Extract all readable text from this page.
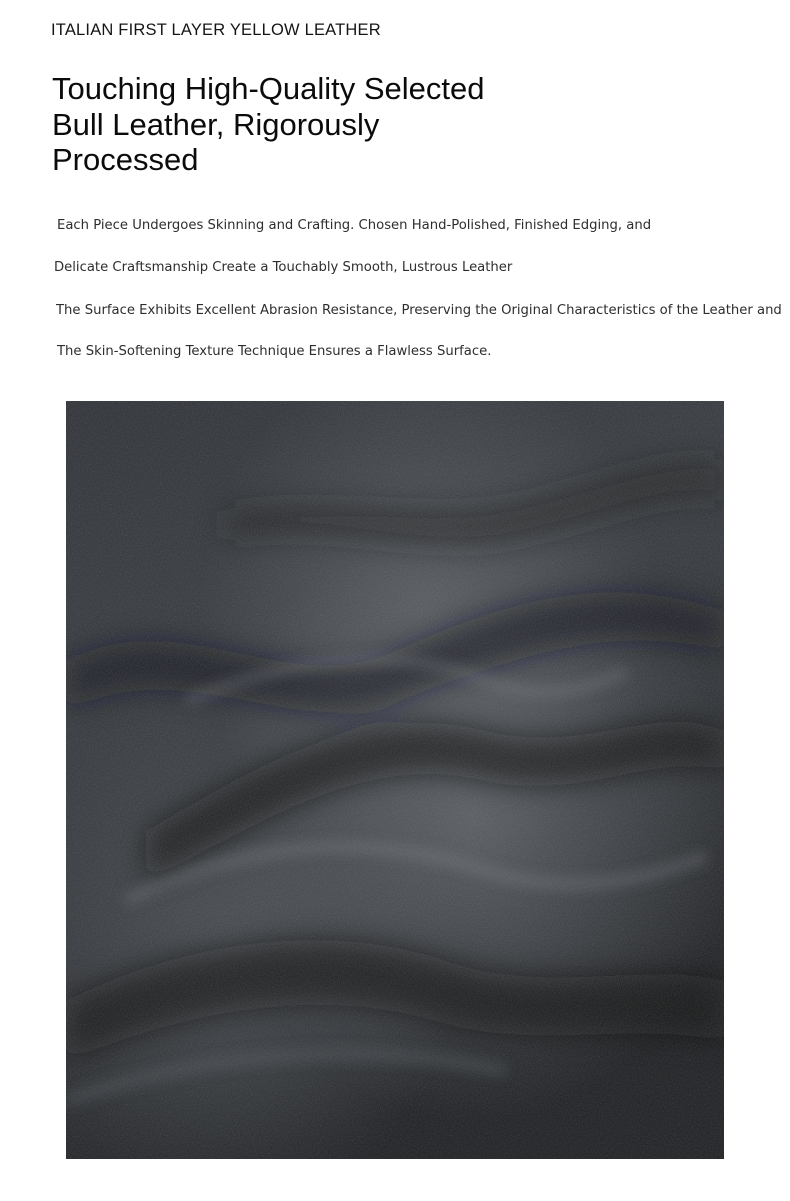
ITALIAN FIRST LAYER YELLOW LEATHER
Touching High-Quality Selected
Bull Leather, Rigorously
Processed
Each Piece Undergoes Skinning and Crafting. Chosen Hand-Polished, Finished Edging, and
Delicate Craftsmanship Create a Touchably Smooth, Lustrous Leather
The Surface Exhibits Excellent Abrasion Resistance, Preserving the Original Characteristics of the Leather and
The Skin-Softening Texture Technique Ensures a Flawless Surface.
